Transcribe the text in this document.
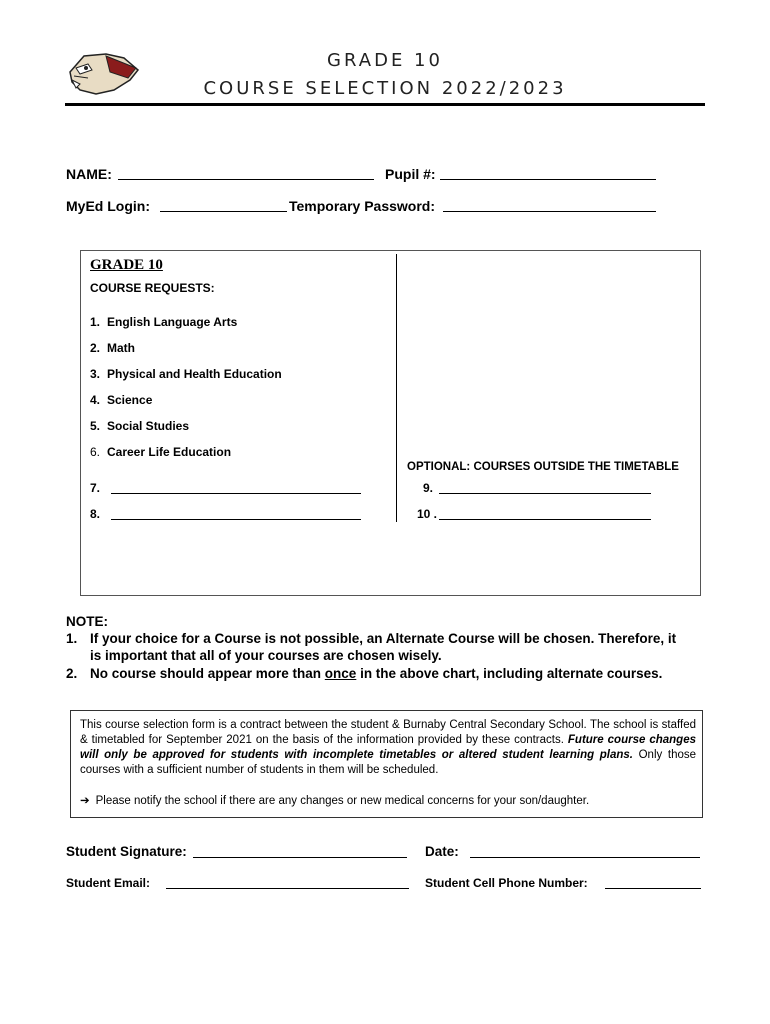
GRADE 10
COURSE SELECTION 2022/2023
NAME:	Pupil #:
MyEd Login:	Temporary Password:
GRADE 10
COURSE REQUESTS:
1. English Language Arts
2. Math
3. Physical and Health Education
4. Science
5. Social Studies
6. Career Life Education
7.
8.
OPTIONAL: COURSES OUTSIDE THE TIMETABLE
9.
10 .
NOTE:
1. If your choice for a Course is not possible, an Alternate Course will be chosen. Therefore, it
is important that all of your courses are chosen wisely.
2. No course should appear more than once in the above chart, including alternate courses.
This course selection form is a contract between the student & Burnaby Central Secondary School. The school is staffed & timetabled for September 2021 on the basis of the information provided by these contracts. Future course changes will only be approved for students with incomplete timetables or altered student learning plans. Only those courses with a sufficient number of students in them will be scheduled.
➔ Please notify the school if there are any changes or new medical concerns for your son/daughter.
Student Signature:	Date:
Student Email:	Student Cell Phone Number:
